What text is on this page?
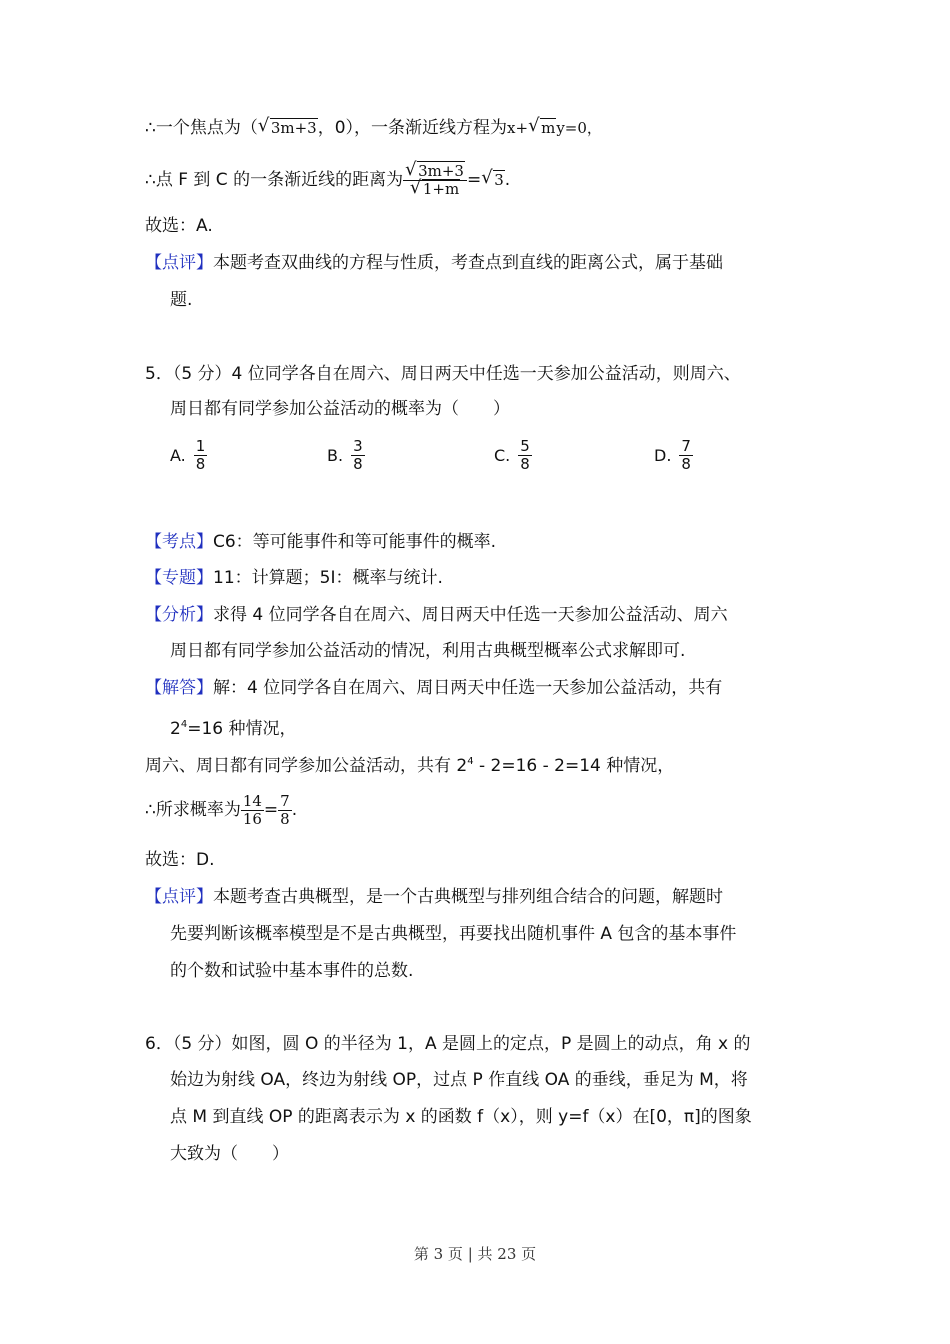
∴一个焦点为（ √ 3m+3，0），一条渐近线方程为x+ √ my=0，
∴点 F 到 C 的一条渐近线的距离为 √ 3m+3
√ 1+m = √ 3.
故选：A.
【点评】本题考查双曲线的方程与性质，考查点到直线的距离公式，属于基础
题.
5．（5 分）4 位同学各自在周六、周日两天中任选一天参加公益活动，则周六、
周日都有同学参加公益活动的概率为（　　）
A. $\frac{1}{8}$	B. $\frac{3}{8}$	C. $\frac{5}{8}$	D. $\frac{7}{8}$
【考点】C6：等可能事件和等可能事件的概率.
【专题】11：计算题；5I：概率与统计.
【分析】求得 4 位同学各自在周六、周日两天中任选一天参加公益活动、周六
周日都有同学参加公益活动的情况，利用古典概型概率公式求解即可.
【解答】解：4 位同学各自在周六、周日两天中任选一天参加公益活动，共有
$2^4=16$ 种情况，
周六、周日都有同学参加公益活动，共有 $2^4 - 2=16 - 2=14$ 种情况，
∴所求概率为 $\frac{14}{16} = \frac{7}{8}$ .
故选：D.
【点评】本题考查古典概型，是一个古典概型与排列组合结合的问题，解题时
先要判断该概率模型是不是古典概型，再要找出随机事件 A 包含的基本事件
的个数和试验中基本事件的总数.
6．（5 分）如图，圆 O 的半径为 1，A 是圆上的定点，P 是圆上的动点，角 x 的
始边为射线 OA，终边为射线 OP，过点 P 作直线 OA 的垂线，垂足为 M，将
点 M 到直线 OP 的距离表示为 x 的函数 f（x），则 y=f（x）在[0，π]的图象
大致为（　　）
第 3 页 | 共 23 页
